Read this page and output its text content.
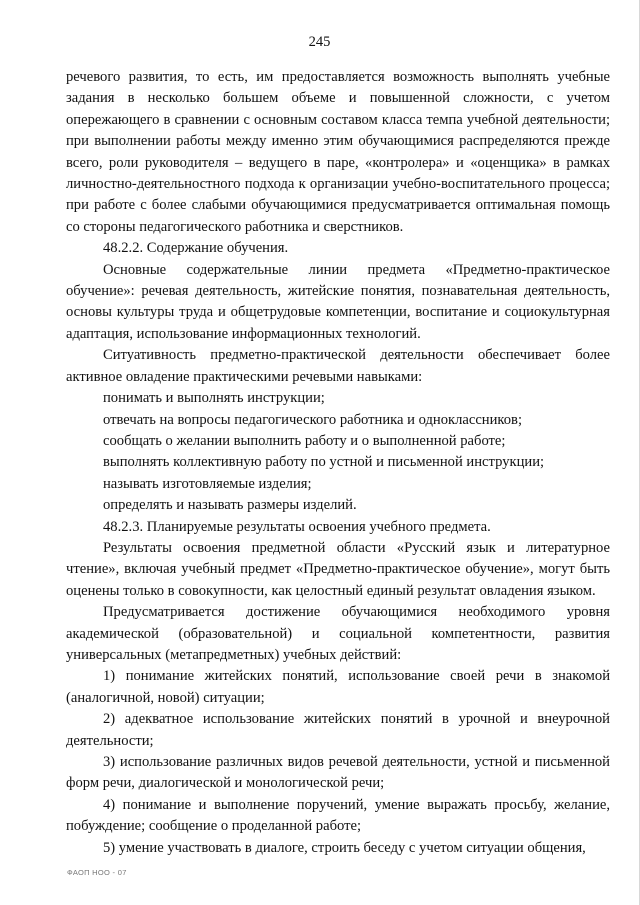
245

речевого развития, то есть, им предоставляется возможность выполнять учебные задания в несколько большем объеме и повышенной сложности, с учетом опережающего в сравнении с основным составом класса темпа учебной деятельности; при выполнении работы между именно этим обучающимися распределяются прежде всего, роли руководителя – ведущего в паре, «контролера» и «оценщика» в рамках личностно-деятельностного подхода к организации учебно-воспитательного процесса; при работе с более слабыми обучающимися предусматривается оптимальная помощь со стороны педагогического работника и сверстников.

48.2.2. Содержание обучения.

Основные содержательные линии предмета «Предметно-практическое обучение»: речевая деятельность, житейские понятия, познавательная деятельность, основы культуры труда и общетрудовые компетенции, воспитание и социокультурная адаптация, использование информационных технологий.

Ситуативность предметно-практической деятельности обеспечивает более активное овладение практическими речевыми навыками:

понимать и выполнять инструкции;

отвечать на вопросы педагогического работника и одноклассников;

сообщать о желании выполнить работу и о выполненной работе;

выполнять коллективную работу по устной и письменной инструкции;

называть изготовляемые изделия;

определять и называть размеры изделий.

48.2.3. Планируемые результаты освоения учебного предмета.

Результаты освоения предметной области «Русский язык и литературное чтение», включая учебный предмет «Предметно-практическое обучение», могут быть оценены только в совокупности, как целостный единый результат овладения языком.

Предусматривается достижение обучающимися необходимого уровня академической (образовательной) и социальной компетентности, развития универсальных (метапредметных) учебных действий:

1) понимание житейских понятий, использование своей речи в знакомой (аналогичной, новой) ситуации;

2) адекватное использование житейских понятий в урочной и внеурочной деятельности;

3) использование различных видов речевой деятельности, устной и письменной форм речи, диалогической и монологической речи;

4) понимание и выполнение поручений, умение выражать просьбу, желание, побуждение; сообщение о проделанной работе;

5) умение участвовать в диалоге, строить беседу с учетом ситуации общения,

ФАОП НОО - 07
